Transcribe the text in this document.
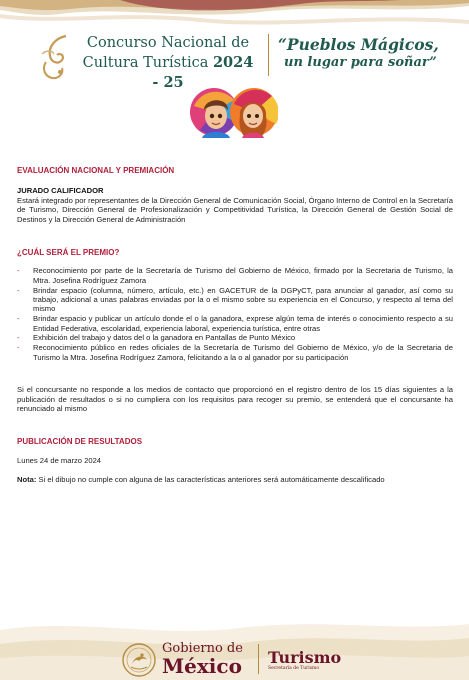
Concurso Nacional de
Cultura Turística 2024 - 25
“Pueblos Mágicos,
un lugar para soñar”

EVALUACIÓN NACIONAL Y PREMIACIÓN

JURADO CALIFICADOR

Estará integrado por representantes de la Dirección General de Comunicación Social, Órgano Interno de Control en la Secretaría de Turismo, Dirección General de Profesionalización y Competitividad Turística, la Dirección General de Gestión Social de Destinos y la Dirección General de Administración

¿CUÁL SERÁ EL PREMIO?

- Reconocimiento por parte de la Secretaría de Turismo del Gobierno de México, firmado por la Secretaria de Turismo, la Mtra. Josefina Rodríguez Zamora
- Brindar espacio (columna, número, artículo, etc.) en GACETUR de la DGPyCT, para anunciar al ganador, así como su trabajo, adicional a unas palabras enviadas por la o el mismo sobre su experiencia en el Concurso, y respecto al tema del mismo
- Brindar espacio y publicar un artículo donde el o la ganadora, exprese algún tema de interés o conocimiento respecto a su Entidad Federativa, escolaridad, experiencia laboral, experiencia turística, entre otras
- Exhibición del trabajo y datos del o la ganadora en Pantallas de Punto México
- Reconocimiento público en redes oficiales de la Secretaría de Turismo del Gobierno de México, y/o de la Secretaria de Turismo la Mtra. Josefina Rodríguez Zamora, felicitando a la o al ganador por su participación

Si el concursante no responde a los medios de contacto que proporcionó en el registro dentro de los 15 días siguientes a la publicación de resultados o si no cumpliera con los requisitos para recoger su premio, se entenderá que el concursante ha renunciado al mismo

PUBLICACIÓN DE RESULTADOS

Lunes 24 de marzo 2024

Nota: Si el dibujo no cumple con alguna de las características anteriores será automáticamente descalificado

Gobierno de
México Turismo
Secretaría de Turismo
